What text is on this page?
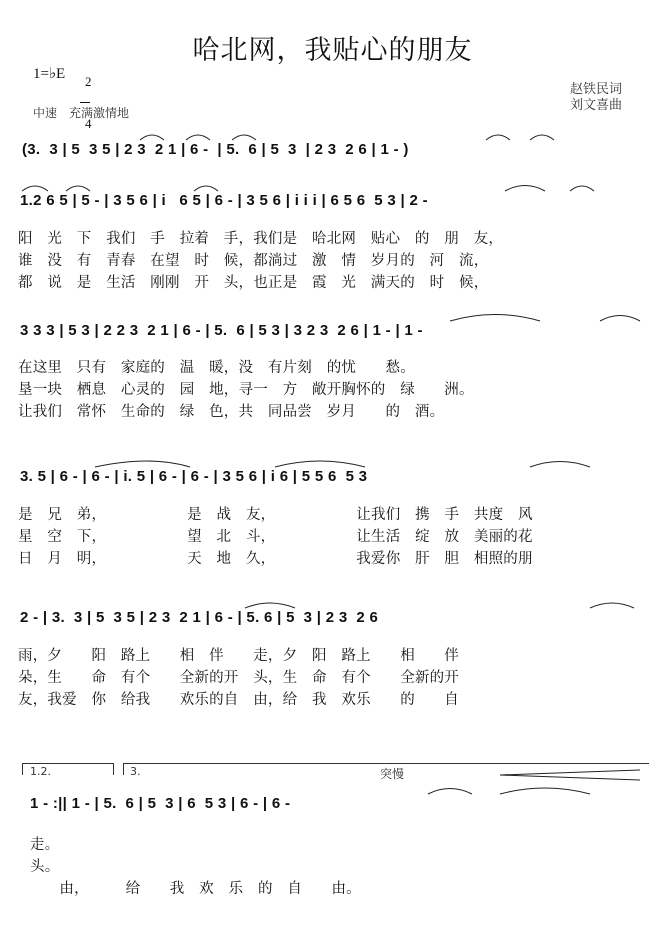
哈北网，我贴心的朋友
1=♭E	2

4

赵铁民词
刘文喜曲
中速　充满激情地
(3.  3 | 5  3 5 | 2 3  2 1 | 6 -  | 5.  6 | 5  3  | 2 3  2 6 | 1 - )
1.2 6 5 | 5 - | 3 5 6 | i   6 5 | 6 - | 3 5 6 | i i i | 6 5 6  5 3 | 2 -
阳　光　下　我们　手　拉着　手，我们是　哈北网　贴心　的　朋　友，
谁　没　有　青春　在望　时　候，都淌过　激　情　岁月的　河　流，
都　说　是　生活　刚刚　开　头，也正是　霞　光　满天的　时　候，
3 3 3 | 5 3 | 2 2 3  2 1 | 6 - | 5.  6 | 5 3 | 3 2 3  2 6 | 1 - | 1 -
在这里　只有　家庭的　温　暖，没　有片刻　的忧　　愁。
垦一块　栖息　心灵的　园　地，寻一　方　敞开胸怀的　绿　　洲。
让我们　常怀　生命的　绿　色，共　同品尝　岁月　　的　酒。
3. 5 | 6 - | 6 - | i. 5 | 6 - | 6 - | 3 5 6 | i 6 | 5 5 6  5 3
是　兄　弟，　　　　　　是　战　友，　　　　　　让我们　携　手　共度　风
星　空　下，　　　　　　望　北　斗，　　　　　　让生活　绽　放　美丽的花
日　月　明，　　　　　　天　地　久，　　　　　　我爱你　肝　胆　相照的朋
2 - | 3.  3 | 5  3 5 | 2 3  2 1 | 6 - | 5. 6 | 5  3 | 2 3  2 6
雨，夕　　阳　路上　　相　伴　　走，夕　阳　路上　　相　　伴
朵，生　　命　有个　　全新的开　头，生　命　有个　　全新的开
友，我爱　你　给我　　欢乐的自　由，给　我　欢乐　　的　　自
1.2.	3.	突慢
1 - :|| 1 - | 5.  6 | 5  3 | 6  5 3 | 6 - | 6 -
走。
头。
　　由，　　　给　　我　欢　乐　的　自　　由。
